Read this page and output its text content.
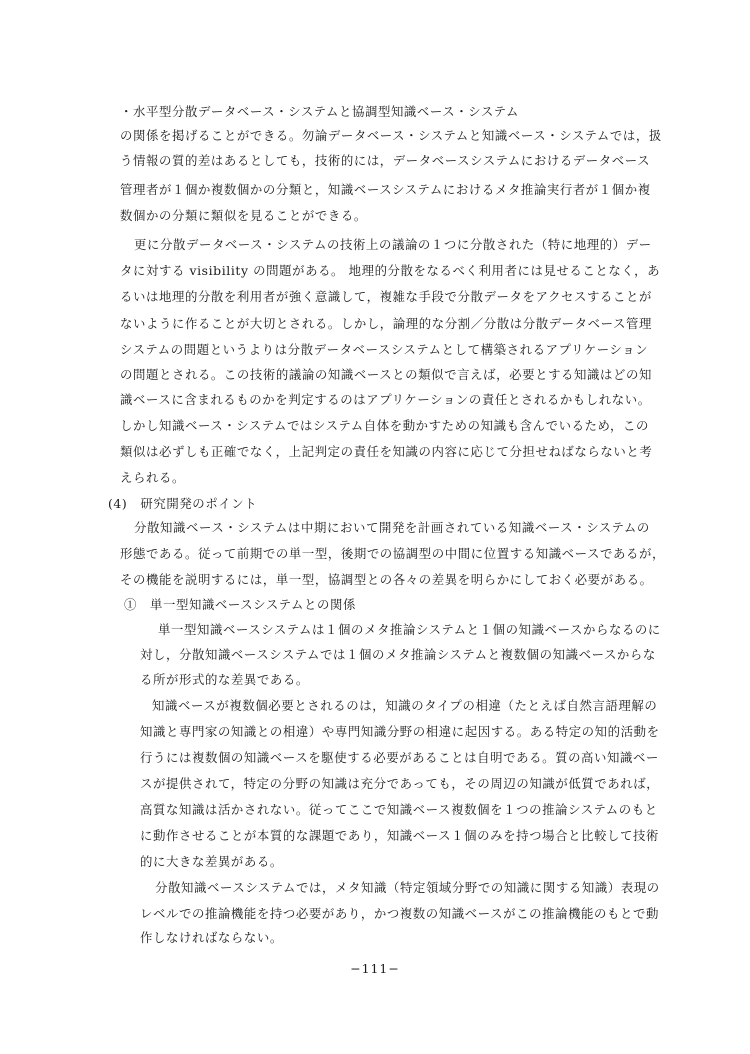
・水平型分散データベース・システムと協調型知識ベース・システム

の関係を掲げることができる。勿論データベース・システムと知識ベース・システムでは，扱

う情報の質的差はあるとしても，技術的には，データベースシステムにおけるデータベース

管理者が１個か複数個かの分類と，知識ベースシステムにおけるメタ推論実行者が１個か複

数個かの分類に類似を見ることができる。

更に分散データベース・システムの技術上の議論の１つに分散された（特に地理的）デー

タに対する visibility の問題がある。 地理的分散をなるべく利用者には見せることなく，あ

るいは地理的分散を利用者が強く意識して，複雑な手段で分散データをアクセスすることが

ないように作ることが大切とされる。しかし，論理的な分割／分散は分散データベース管理

システムの問題というよりは分散データベースシステムとして構築されるアプリケーション

の問題とされる。この技術的議論の知識ベースとの類似で言えば，必要とする知識はどの知

識ベースに含まれるものかを判定するのはアプリケーションの責任とされるかもしれない。

しかし知識ベース・システムではシステム自体を動かすための知識も含んでいるため，この

類似は必ずしも正確でなく，上記判定の責任を知識の内容に応じて分担せねばならないと考

えられる。

(4)　研究開発のポイント

分散知識ベース・システムは中期において開発を計画されている知識ベース・システムの

形態である。従って前期での単一型，後期での協調型の中間に位置する知識ベースであるが，

その機能を説明するには，単一型，協調型との各々の差異を明らかにしておく必要がある。

①　単一型知識ベースシステムとの関係

単一型知識ベースシステムは１個のメタ推論システムと１個の知識ベースからなるのに

対し，分散知識ベースシステムでは１個のメタ推論システムと複数個の知識ベースからな

る所が形式的な差異である。

知識ベースが複数個必要とされるのは，知識のタイプの相違（たとえば自然言語理解の

知識と専門家の知識との相違）や専門知識分野の相違に起因する。ある特定の知的活動を

行うには複数個の知識ベースを駆使する必要があることは自明である。質の高い知識ベー

スが提供されて，特定の分野の知識は充分であっても，その周辺の知識が低質であれば，

高質な知識は活かされない。従ってここで知識ベース複数個を１つの推論システムのもと

に動作させることが本質的な課題であり，知識ベース１個のみを持つ場合と比較して技術

的に大きな差異がある。

分散知識ベースシステムでは，メタ知識（特定領域分野での知識に関する知識）表現の

レベルでの推論機能を持つ必要があり，かつ複数の知識ベースがこの推論機能のもとで動

作しなければならない。

−111−
